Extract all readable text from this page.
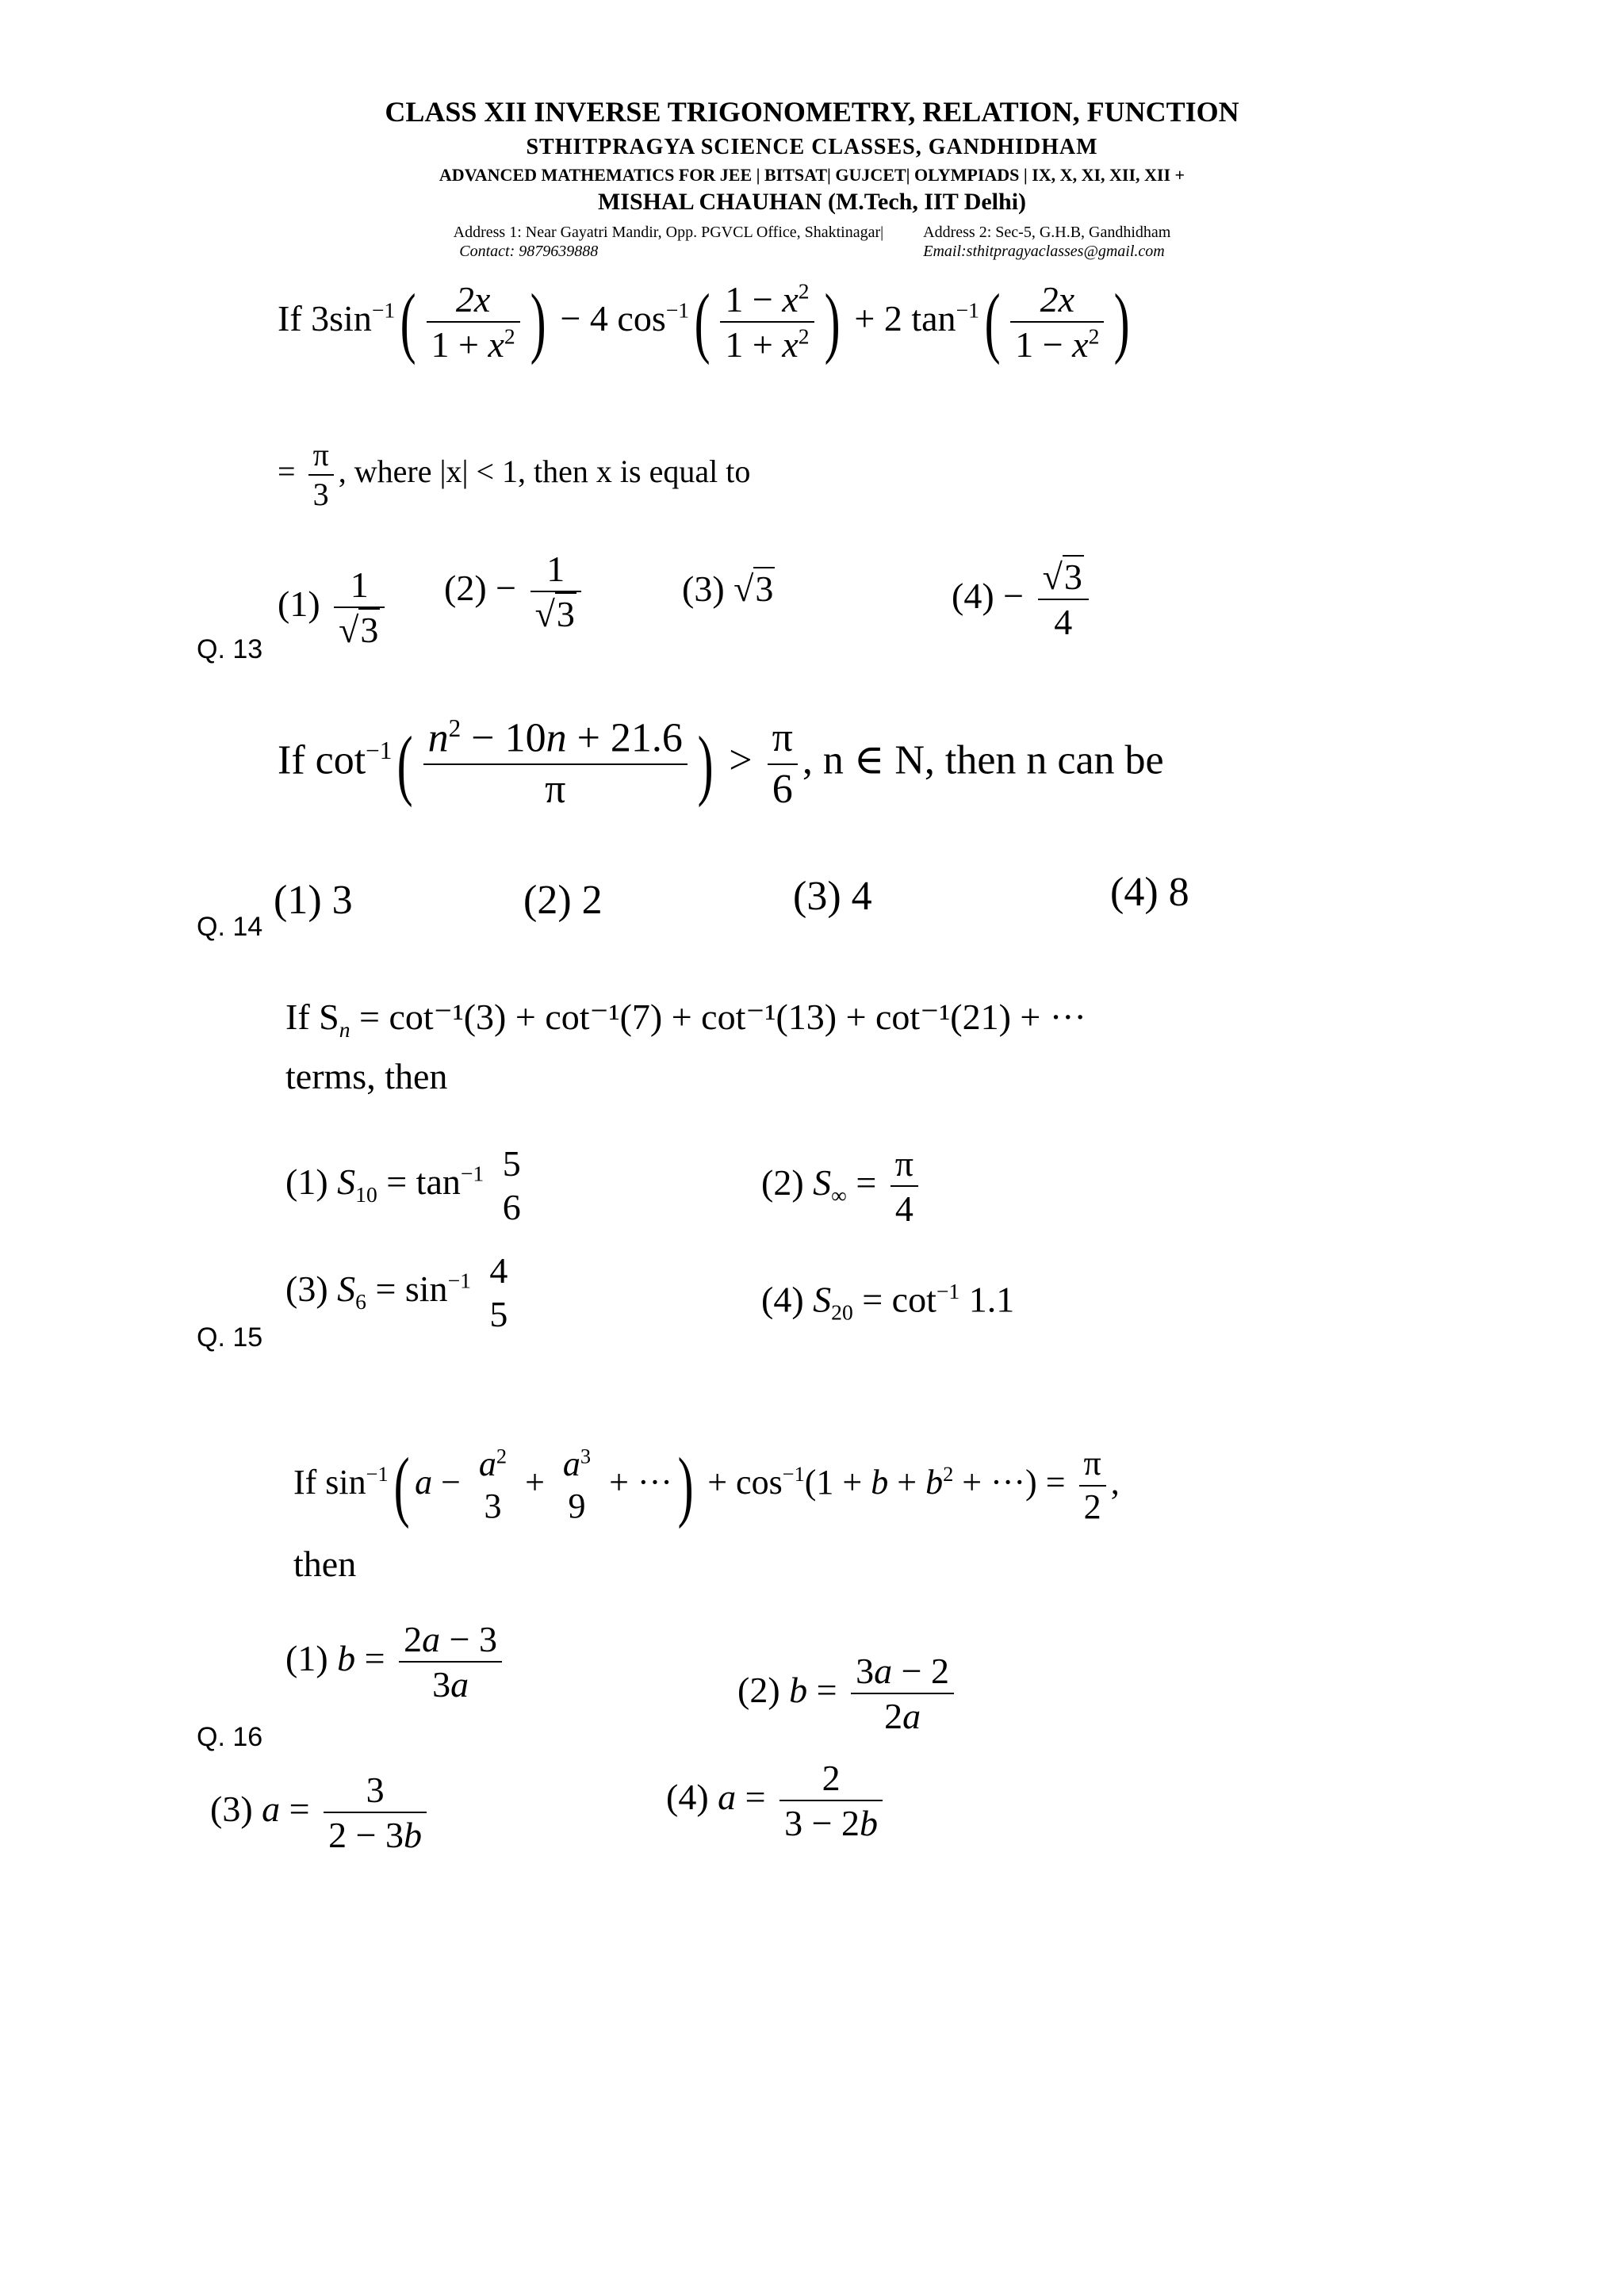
CLASS XII INVERSE TRIGONOMETRY, RELATION, FUNCTION
STHITPRAGYA SCIENCE CLASSES, GANDHIDHAM
ADVANCED MATHEMATICS FOR JEE | BITSAT| GUJCET| OLYMPIADS | IX, X, XI, XII, XII +
MISHAL CHAUHAN (M.Tech, IIT Delhi)
Address 1: Near Gayatri Mandir, Opp. PGVCL Office, Shaktinagar|	Address 2: Sec-5, G.H.B, Gandhidham
Contact: 9879639888	Email:sthitpragyaclasses@gmail.com
If $3\sin^{-1}( \frac{2x}{1 + x^2}$ ) − 4 $\cos^{-1}( \frac{1 - x^2}{1 + x^2}$ ) + 2 $\tan^{-1}( \frac{2x}{1 - x^2}$ )
= $\frac{\pi}{3}$ , where |x| < 1, then x is equal to
Q. 13
$(1) \frac{1}{√3} (2) - \frac{1}{√3}$	(3) √3	$(4) - \frac{√3}{4}$
If $\cot^{-1}( \frac{n^2 - 10n + 21.6}{\pi}$ ) > $\frac{\pi}{6}$ , n ∈ N, then n can be
Q. 14
(1) 3	(2) 2	(3) 4	(4) 8
If $S_n = \cot^{-1}(3) + \cot^{-1}(7) + \cot^{-1}(13) + \cot^{-1}(21)$ + ···
terms, then
Q. 15
(1) $S_{10} = \tan^{-1} 5$
6
(2) $S_\infty = \frac{\pi}{4}$
(3) $S_6 = \sin^{-1} 4$
5	(4) $S_{20} = \cot^{-1} 1.1$
If $\sin^{-1}$( $a - a^2$
3
+ $a^3$
9
+ ···) + $\cos^{-1}(1 + b + b^2$ + ···) = $\frac{\pi}{2}$ ,
then
Q. 16
(1) $b = \frac{2a - 3}{3a}$	(2) $b = \frac{3a - 2}{2a}$
(3) $a = \frac{3}{2 - 3b}$	(4) $a = \frac{2}{3 - 2b}$
